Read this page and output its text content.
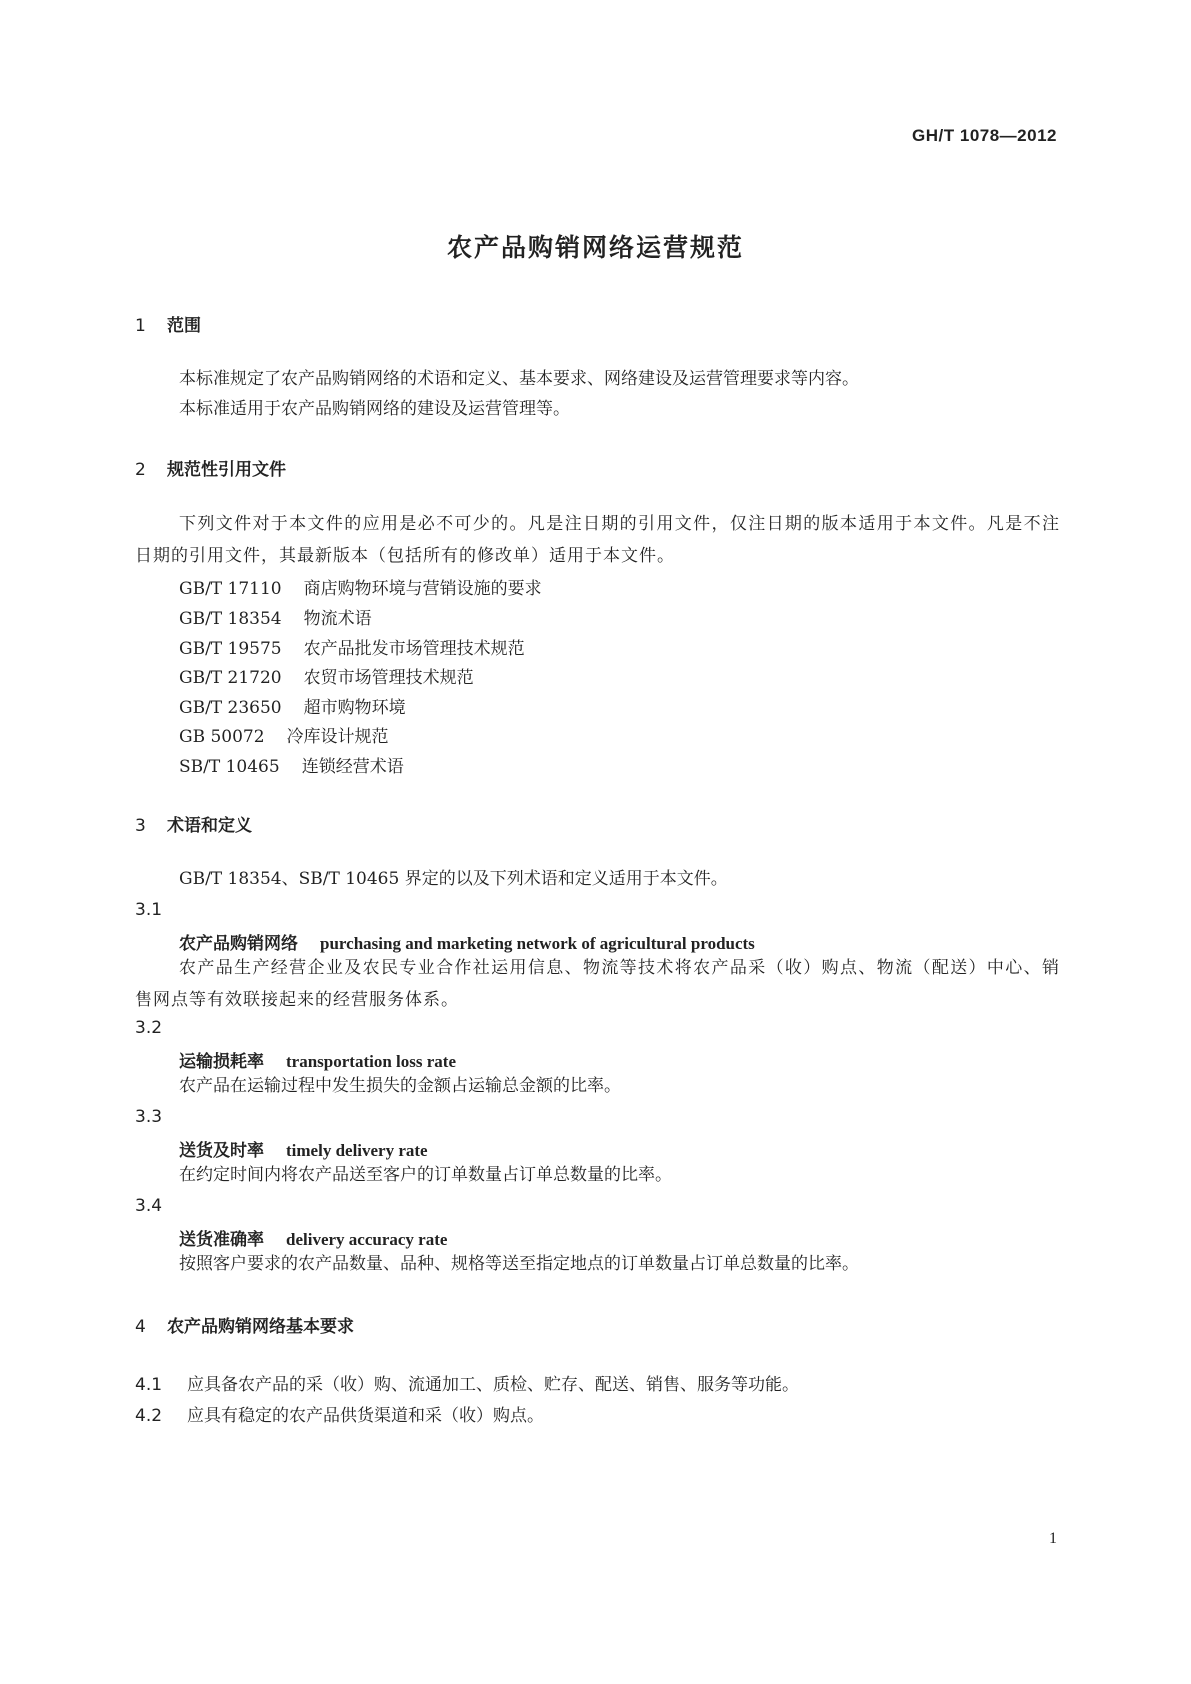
GH/T 1078—2012
农产品购销网络运营规范
1 范围
本标准规定了农产品购销网络的术语和定义、基本要求、网络建设及运营管理要求等内容。
本标准适用于农产品购销网络的建设及运营管理等。
2 规范性引用文件
下列文件对于本文件的应用是必不可少的。凡是注日期的引用文件，仅注日期的版本适用于本文件。凡是不注日期的引用文件，其最新版本（包括所有的修改单）适用于本文件。
GB/T 17110 商店购物环境与营销设施的要求
GB/T 18354 物流术语
GB/T 19575 农产品批发市场管理技术规范
GB/T 21720 农贸市场管理技术规范
GB/T 23650 超市购物环境
GB 50072 冷库设计规范
SB/T 10465 连锁经营术语
3 术语和定义
GB/T 18354、SB/T 10465 界定的以及下列术语和定义适用于本文件。
3.1
农产品购销网络 purchasing and marketing network of agricultural products
农产品生产经营企业及农民专业合作社运用信息、物流等技术将农产品采（收）购点、物流（配送）中心、销售网点等有效联接起来的经营服务体系。
3.2
运输损耗率 transportation loss rate
农产品在运输过程中发生损失的金额占运输总金额的比率。
3.3
送货及时率 timely delivery rate
在约定时间内将农产品送至客户的订单数量占订单总数量的比率。
3.4
送货准确率 delivery accuracy rate
按照客户要求的农产品数量、品种、规格等送至指定地点的订单数量占订单总数量的比率。
4 农产品购销网络基本要求
4.1 应具备农产品的采（收）购、流通加工、质检、贮存、配送、销售、服务等功能。
4.2 应具有稳定的农产品供货渠道和采（收）购点。
1
